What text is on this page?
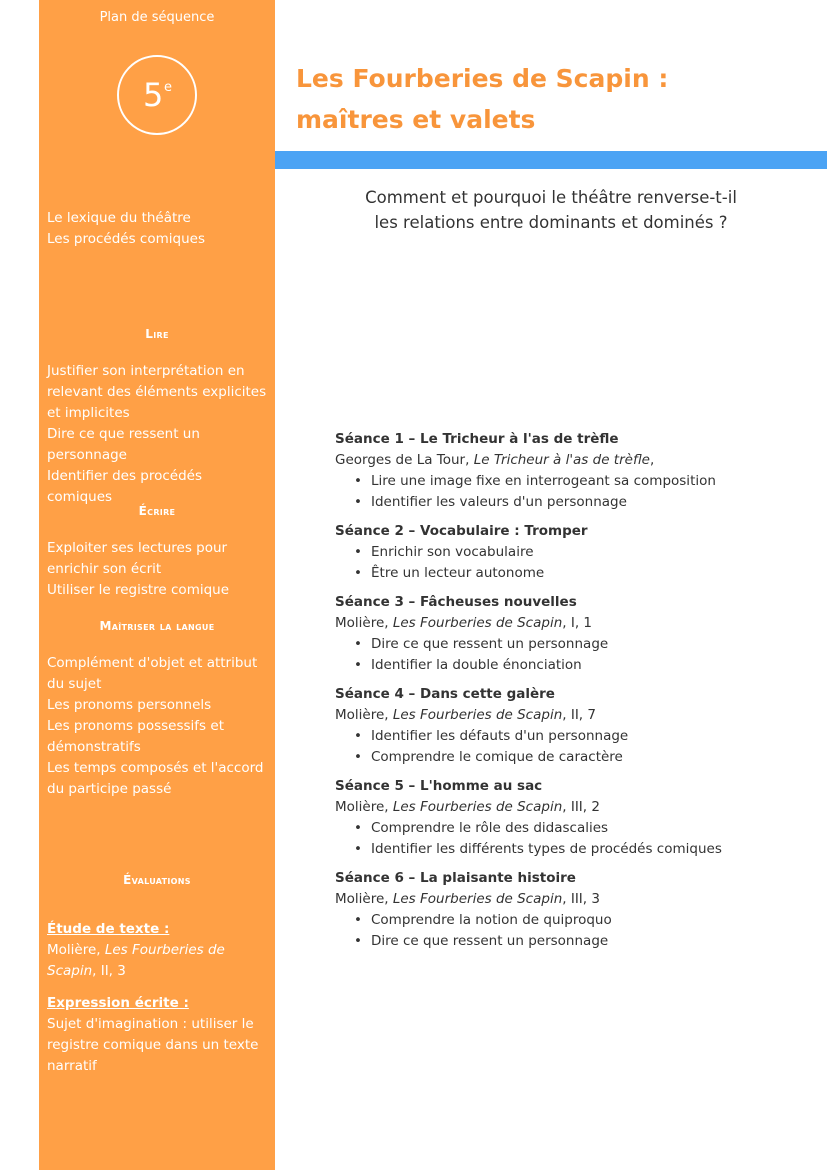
Plan de séquence
5 e
Le lexique du théâtre
Les procédés comiques
Lire
Justifier son interprétation en relevant des éléments explicites et implicites
Dire ce que ressent un personnage
Identifier des procédés comiques
Écrire
Exploiter ses lectures pour enrichir son écrit
Utiliser le registre comique
Maîtriser la langue
Complément d'objet et attribut du sujet
Les pronoms personnels
Les pronoms possessifs et démonstratifs
Les temps composés et l'accord du participe passé
Évaluations
Étude de texte :
Molière, Les Fourberies de Scapin, II, 3
Expression écrite :
Sujet d'imagination : utiliser le registre comique dans un texte narratif
Les Fourberies de Scapin :
maîtres et valets
Comment et pourquoi le théâtre renverse-t-il
les relations entre dominants et dominés ?
Séance 1 – Le Tricheur à l'as de trèfle
Georges de La Tour, Le Tricheur à l'as de trèfle,
• Lire une image fixe en interrogeant sa composition
• Identifier les valeurs d'un personnage
Séance 2 – Vocabulaire : Tromper
• Enrichir son vocabulaire
• Être un lecteur autonome
Séance 3 – Fâcheuses nouvelles
Molière, Les Fourberies de Scapin, I, 1
• Dire ce que ressent un personnage
• Identifier la double énonciation
Séance 4 – Dans cette galère
Molière, Les Fourberies de Scapin, II, 7
• Identifier les défauts d'un personnage
• Comprendre le comique de caractère
Séance 5 – L'homme au sac
Molière, Les Fourberies de Scapin, III, 2
• Comprendre le rôle des didascalies
• Identifier les différents types de procédés comiques
Séance 6 – La plaisante histoire
Molière, Les Fourberies de Scapin, III, 3
• Comprendre la notion de quiproquo
• Dire ce que ressent un personnage
